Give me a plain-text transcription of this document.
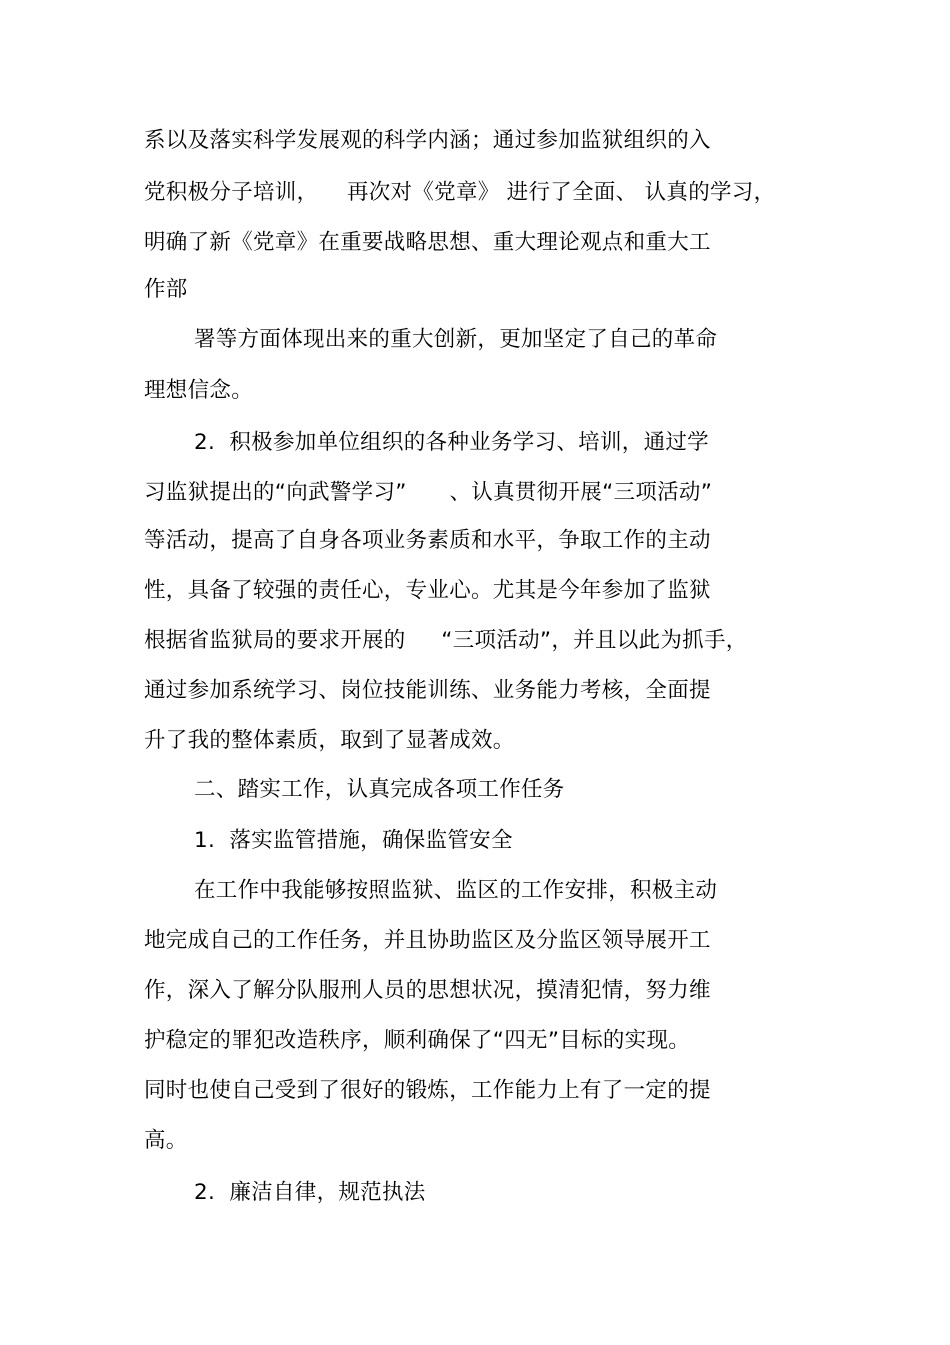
系以及落实科学发展观的科学内涵；通过参加监狱组织的入
党积极分子培训，    再次对《党章》 进行了全面、 认真的学习，
明确了新《党章》在重要战略思想、重大理论观点和重大工
作部
署等方面体现出来的重大创新，更加坚定了自己的革命
理想信念。
2.  积极参加单位组织的各种业务学习、培训，通过学
习监狱提出的“向武警学习”      、认真贯彻开展“三项活动”
等活动，提高了自身各项业务素质和水平，争取工作的主动
性，具备了较强的责任心，专业心。尤其是今年参加了监狱
根据省监狱局的要求开展的     “三项活动”，并且以此为抓手，
通过参加系统学习、岗位技能训练、业务能力考核，全面提
升了我的整体素质，取到了显著成效。
二、踏实工作，认真完成各项工作任务
1.  落实监管措施，确保监管安全
在工作中我能够按照监狱、监区的工作安排，积极主动
地完成自己的工作任务，并且协助监区及分监区领导展开工
作，深入了解分队服刑人员的思想状况，摸清犯情，努力维
护稳定的罪犯改造秩序，顺利确保了“四无”目标的实现。
同时也使自己受到了很好的锻炼，工作能力上有了一定的提
高。
2.  廉洁自律，规范执法
